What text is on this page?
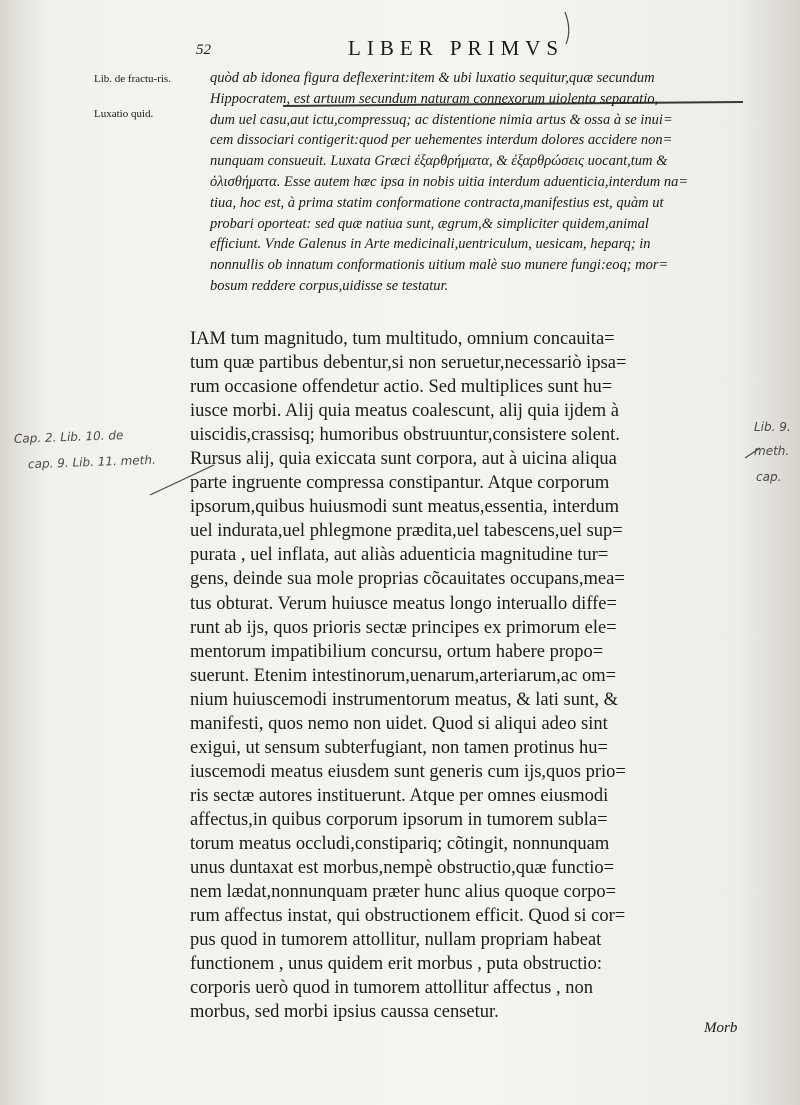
52	LIBER PRIMVS
Lib. de fractu-ris.
Luxatio quid.
quòd ab idonea figura deflexerint:item & ubi luxatio sequitur,quæ secundum
Hippocratem, est artuum secundum naturam connexorum uiolenta separatio,
dum uel casu,aut ictu,compressuq; ac distentione nimia artus & ossa à se inui=
cem dissociari contigerit:quod per uehementes interdum dolores accidere non=
nunquam consueuit. Luxata Græci ἐξαρθρήματα, & ἐξαρθρώσεις uocant,tum &
ὀλισθήματα. Esse autem hæc ipsa in nobis uitia interdum aduenticia,interdum na=
tiua, hoc est, à prima statim conformatione contracta,manifestius est, quàm ut
probari oporteat: sed quæ natiua sunt, ægrum,& simpliciter quidem,animal
efficiunt. Vnde Galenus in Arte medicinali,uentriculum, uesicam, heparq; in
nonnullis ob innatum conformationis uitium malè suo munere fungi:eoq; mor=
bosum reddere corpus,uidisse se testatur.
IAM tum magnitudo, tum multitudo, omnium concauita=
tum quæ partibus debentur,si non seruetur,necessariò ipsa=
rum occasione offendetur actio. Sed multiplices sunt hu=
iusce morbi. Alij quia meatus coalescunt, alij quia ijdem à
uiscidis,crassisq; humoribus obstruuntur,consistere solent.
Rursus alij, quia exiccata sunt corpora, aut à uicina aliqua
parte ingruente compressa constipantur. Atque corporum
ipsorum,quibus huiusmodi sunt meatus,essentia, interdum
uel indurata,uel phlegmone prædita,uel tabescens,uel sup=
purata , uel inflata, aut aliàs aduenticia magnitudine tur=
gens, deinde sua mole proprias cõcauitates occupans,mea=
tus obturat. Verum huiusce meatus longo interuallo diffe=
runt ab ijs, quos prioris sectæ principes ex primorum ele=
mentorum impatibilium concursu, ortum habere propo=
suerunt. Etenim intestinorum,uenarum,arteriarum,ac om=
nium huiuscemodi instrumentorum meatus, & lati sunt, &
manifesti, quos nemo non uidet. Quod si aliqui adeo sint
exigui, ut sensum subterfugiant, non tamen protinus hu=
iuscemodi meatus eiusdem sunt generis cum ijs,quos prio=
ris sectæ autores instituerunt. Atque per omnes eiusmodi
affectus,in quibus corporum ipsorum in tumorem subla=
torum meatus occludi,constipariq; cõtingit, nonnunquam
unus duntaxat est morbus,nempè obstructio,quæ functio=
nem lædat,nonnunquam præter hunc alius quoque corpo=
rum affectus instat, qui obstructionem efficit. Quod si cor=
pus quod in tumorem attollitur, nullam propriam habeat
functionem , unus quidem erit morbus , puta obstructio:
corporis uerò quod in tumorem attollitur affectus , non
morbus, sed morbi ipsius caussa censetur.
Cap. 2. Lib. 10. de
cap. 9. Lib. 11. meth.
Lib. 9.
meth.
cap.
Morb
